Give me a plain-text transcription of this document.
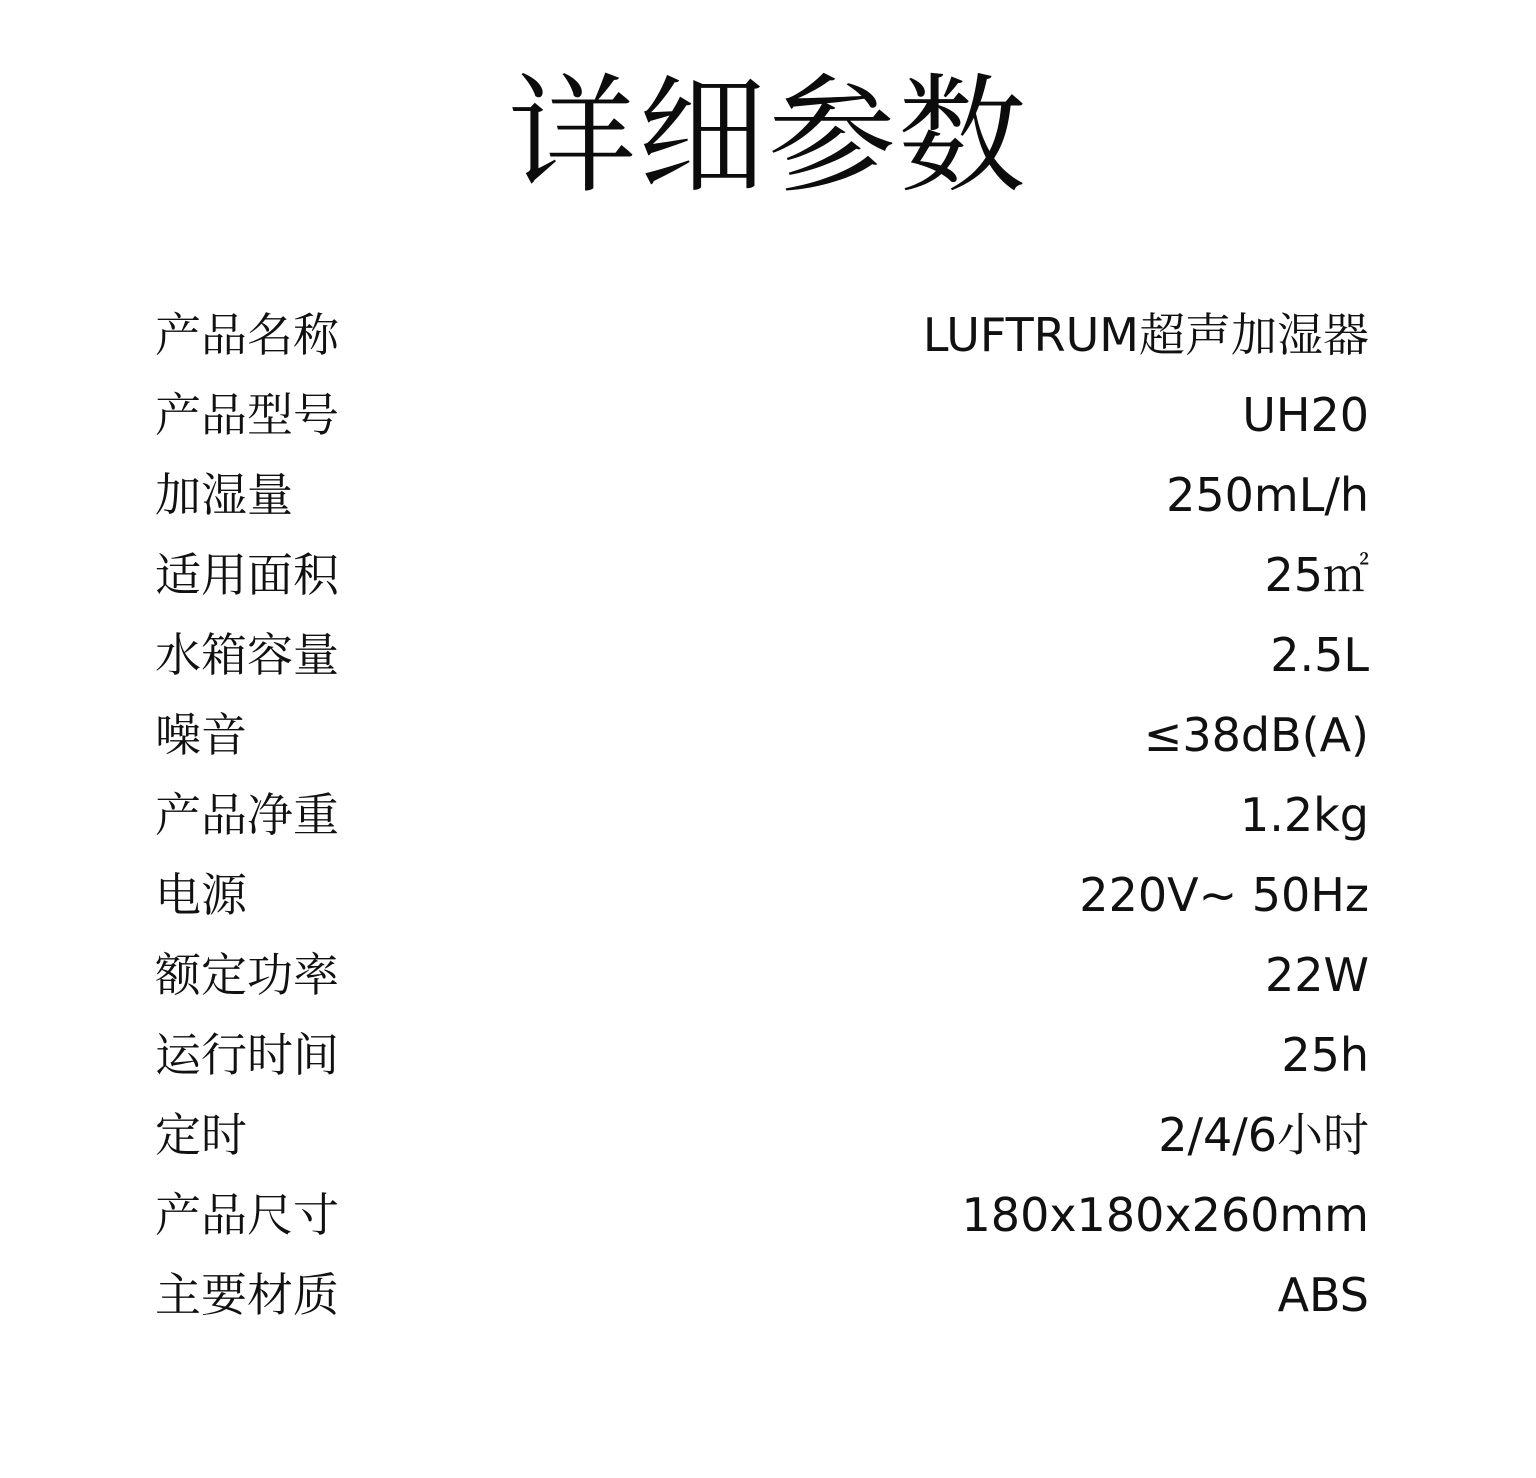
详细参数
产品名称	LUFTRUM超声加湿器
产品型号	UH20
加湿量	250mL/h
适用面积	25㎡
水箱容量	2.5L
噪音	≤38dB(A)
产品净重	1.2kg
电源	220V~ 50Hz
额定功率	22W
运行时间	25h
定时	2/4/6小时
产品尺寸	180x180x260mm
主要材质	ABS
